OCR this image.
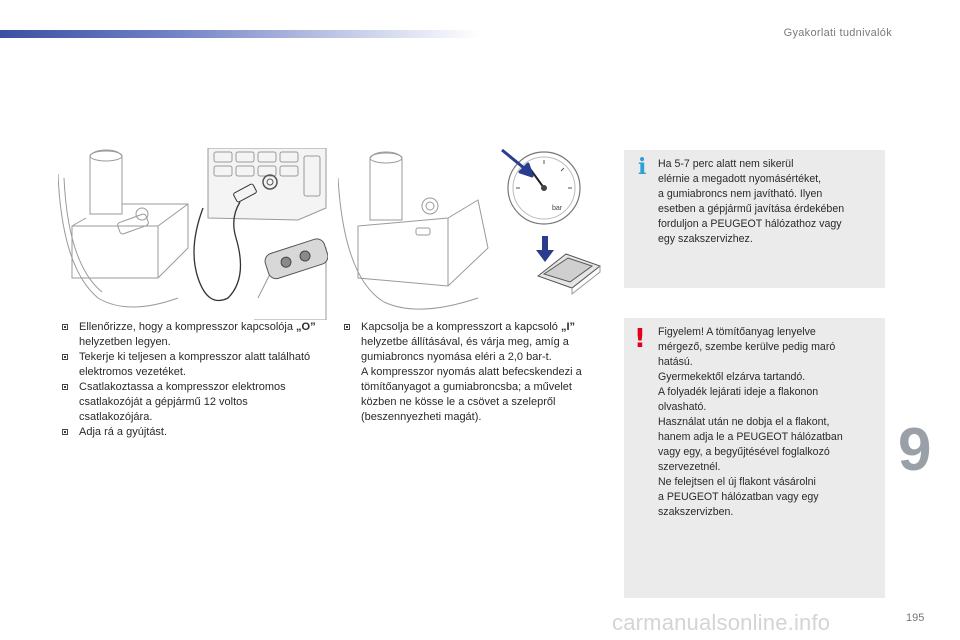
Gyakorlati tudnivalók
bar
Ellenőrizze, hogy a kompresszor kapcsolója „O” helyzetben legyen.
Tekerje ki teljesen a kompresszor alatt található elektromos vezetéket.
Csatlakoztassa a kompresszor elektromos csatlakozóját a gépjármű 12 voltos csatlakozójára.
Adja rá a gyújtást.
Kapcsolja be a kompresszort a kapcsoló „I” helyzetbe állításával, és várja meg, amíg a gumiabroncs nyomása eléri a 2,0 bar-t.
A kompresszor nyomás alatt befecskendezi a tömítőanyagot a gumiabroncsba; a művelet közben ne kösse le a csövet a szelepről (beszennyezheti magát).
i Ha 5-7 perc alatt nem sikerül
elérnie a megadott nyomásértéket,
a gumiabroncs nem javítható. Ilyen
esetben a gépjármű javítása érdekében
forduljon a PEUGEOT hálózathoz vagy
egy szakszervizhez.
! Figyelem! A tömítőanyag lenyelve
mérgező, szembe kerülve pedig maró
hatású.
Gyermekektől elzárva tartandó.
A folyadék lejárati ideje a flakonon
olvasható.
Használat után ne dobja el a flakont,
hanem adja le a PEUGEOT hálózatban
vagy egy, a begyűjtésével foglalkozó
szervezetnél.
Ne felejtsen el új flakont vásárolni
a PEUGEOT hálózatban vagy egy
szakszervizben.
9
carmanualsonline.info	195
